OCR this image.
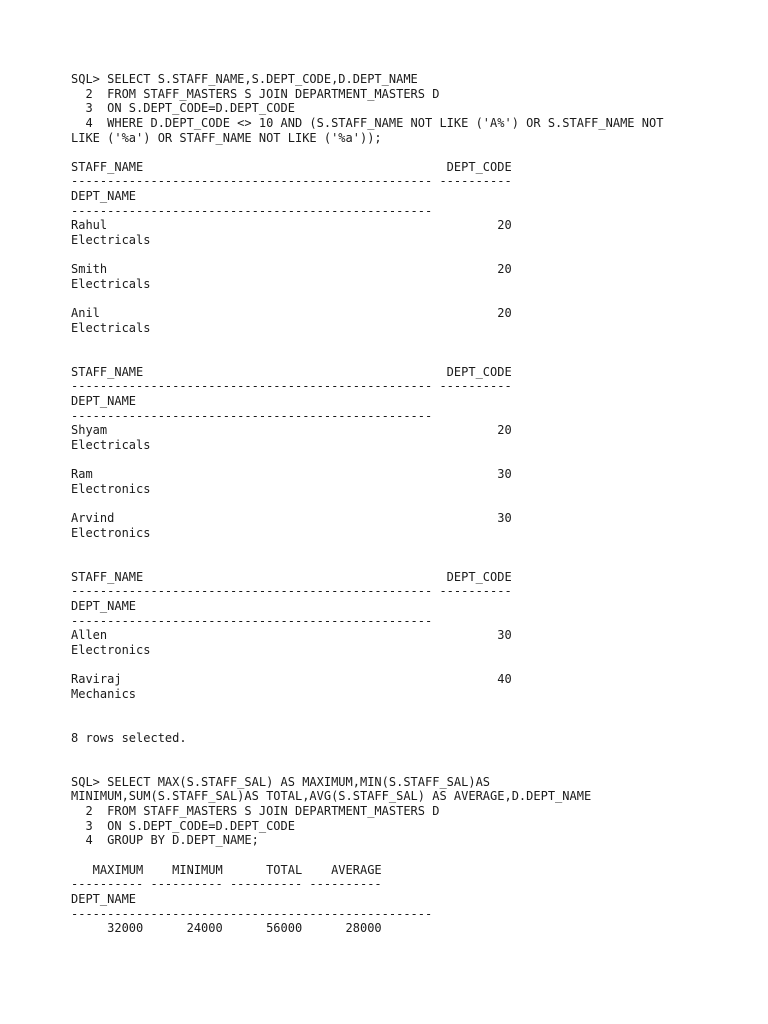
SQL> SELECT S.STAFF_NAME,S.DEPT_CODE,D.DEPT_NAME
2  FROM STAFF_MASTERS S JOIN DEPARTMENT_MASTERS D
3  ON S.DEPT_CODE=D.DEPT_CODE
4  WHERE D.DEPT_CODE <> 10 AND (S.STAFF_NAME NOT LIKE ('A%') OR S.STAFF_NAME NOT
LIKE ('%a') OR STAFF_NAME NOT LIKE ('%a'));
STAFF_NAME                                          DEPT_CODE
-------------------------------------------------- ----------
DEPT_NAME
--------------------------------------------------
Rahul                                                      20
Electricals
Smith                                                      20
Electricals
Anil                                                       20
Electricals
STAFF_NAME                                          DEPT_CODE
-------------------------------------------------- ----------
DEPT_NAME
--------------------------------------------------
Shyam                                                      20
Electricals
Ram                                                        30
Electronics
Arvind                                                     30
Electronics
STAFF_NAME                                          DEPT_CODE
-------------------------------------------------- ----------
DEPT_NAME
--------------------------------------------------
Allen                                                      30
Electronics
Raviraj                                                    40
Mechanics
8 rows selected.
SQL> SELECT MAX(S.STAFF_SAL) AS MAXIMUM,MIN(S.STAFF_SAL)AS
MINIMUM,SUM(S.STAFF_SAL)AS TOTAL,AVG(S.STAFF_SAL) AS AVERAGE,D.DEPT_NAME
2  FROM STAFF_MASTERS S JOIN DEPARTMENT_MASTERS D
3  ON S.DEPT_CODE=D.DEPT_CODE
4  GROUP BY D.DEPT_NAME;
MAXIMUM    MINIMUM      TOTAL    AVERAGE
---------- ---------- ---------- ----------
DEPT_NAME
--------------------------------------------------
32000      24000      56000      28000
